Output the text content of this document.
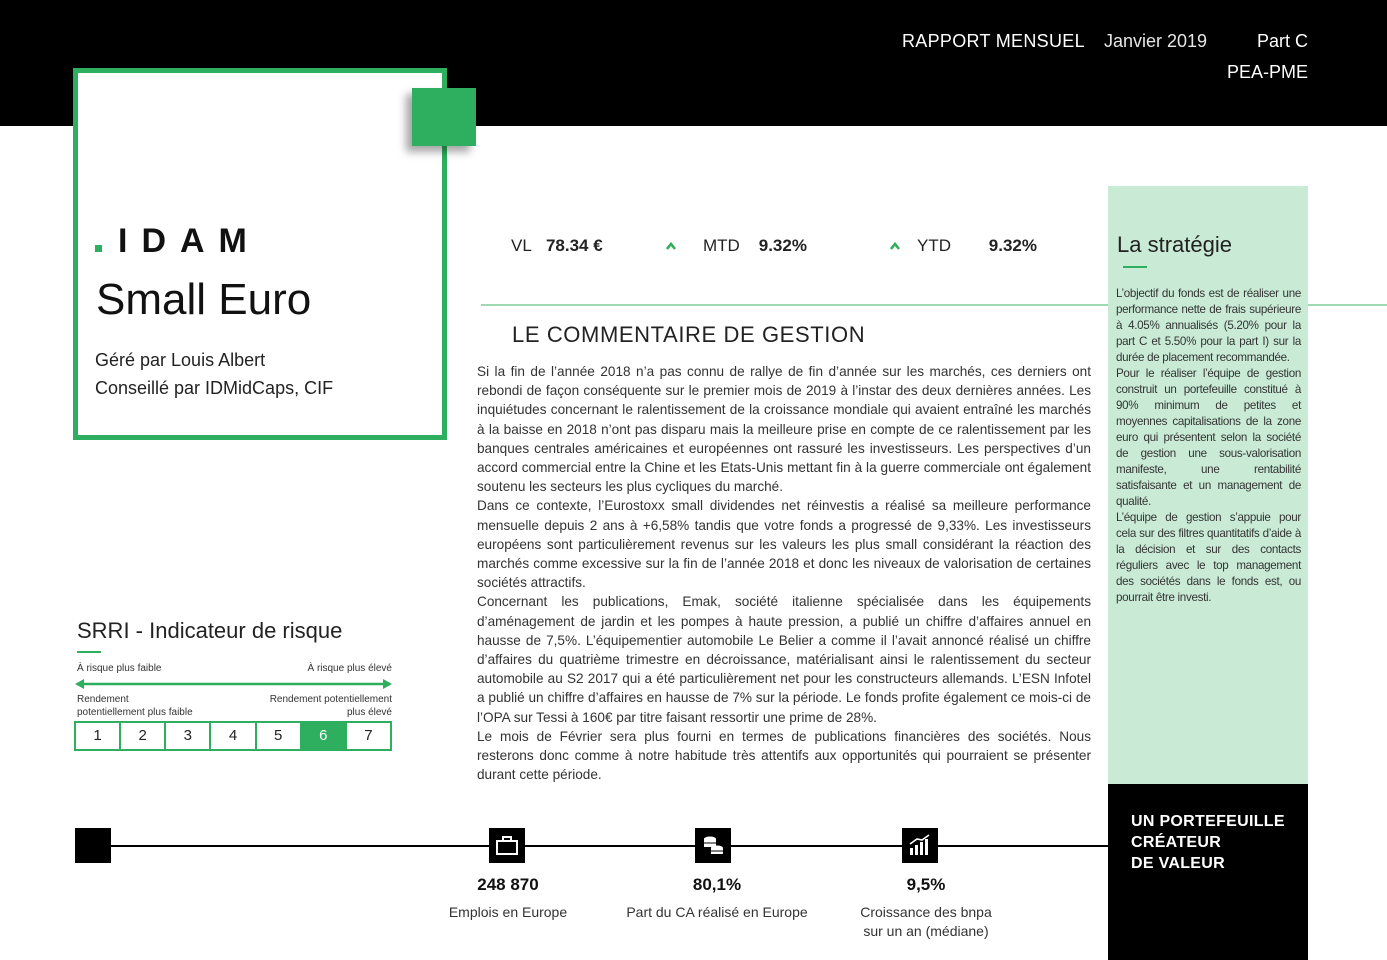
RAPPORT MENSUEL Janvier 2019	Part C
PEA-PME
IDAM
Small Euro
Géré par Louis Albert
Conseillé par IDMidCaps, CIF
VL 78.34 €	MTD 9.32%	YTD 9.32%
LE COMMENTAIRE DE GESTION

Si la fin de l’année 2018 n’a pas connu de rallye de fin d’année sur les marchés, ces derniers ont rebondi de façon conséquente sur le premier mois de 2019 à l’instar des deux dernières années. Les inquiétudes concernant le ralentissement de la croissance mondiale qui avaient entraîné les marchés à la baisse en 2018 n’ont pas disparu mais la meilleure prise en compte de ce ralentissement par les banques centrales américaines et européennes ont rassuré les investisseurs. Les perspectives d’un accord commercial entre la Chine et les Etats-Unis mettant fin à la guerre commerciale ont également soutenu les secteurs les plus cycliques du marché.

Dans ce contexte, l’Eurostoxx small dividendes net réinvestis a réalisé sa meilleure performance mensuelle depuis 2 ans à +6,58% tandis que votre fonds a progressé de 9,33%. Les investisseurs européens sont particulièrement revenus sur les valeurs les plus small considérant la réaction des marchés comme excessive sur la fin de l’année 2018 et donc les niveaux de valorisation de certaines sociétés attractifs.

Concernant les publications, Emak, société italienne spécialisée dans les équipements d’aménagement de jardin et les pompes à haute pression, a publié un chiffre d’affaires annuel en hausse de 7,5%. L’équipementier automobile Le Belier a comme il l’avait annoncé réalisé un chiffre d’affaires du quatrième trimestre en décroissance, matérialisant ainsi le ralentissement du secteur automobile au S2 2017 qui a été particulièrement net pour les constructeurs allemands. L’ESN Infotel a publié un chiffre d’affaires en hausse de 7% sur la période. Le fonds profite également ce mois-ci de l’OPA sur Tessi à 160€ par titre faisant ressortir une prime de 28%.

Le mois de Février sera plus fourni en termes de publications financières des sociétés. Nous resterons donc comme à notre habitude très attentifs aux opportunités qui pourraient se présenter durant cette période.

La stratégie

L’objectif du fonds est de réaliser une performance nette de frais supérieure à 4.05% annualisés (5.20% pour la part C et 5.50% pour la part I) sur la durée de placement recommandée.

Pour le réaliser l’équipe de gestion construit un portefeuille constitué à 90% minimum de petites et moyennes capitalisations de la zone euro qui présentent selon la société de gestion une sous-valorisation manifeste, une rentabilité satisfaisante et un management de qualité.

L’équipe de gestion s’appuie pour cela sur des filtres quantitatifs d’aide à la décision et sur des contacts réguliers avec le top management des sociétés dans le fonds est, ou pourrait être investi.

UN PORTEFEUILLE
CRÉATEUR
DE VALEUR
SRRI - Indicateur de risque
À risque plus faible	À risque plus élevé
Rendement
potentiellement plus faible
Rendement potentiellement
plus élevé
1	2	3	4	5	6	7
248 870
Emplois en Europe
80,1%
Part du CA réalisé en Europe
9,5%
Croissance des bnpa
sur un an (médiane)
